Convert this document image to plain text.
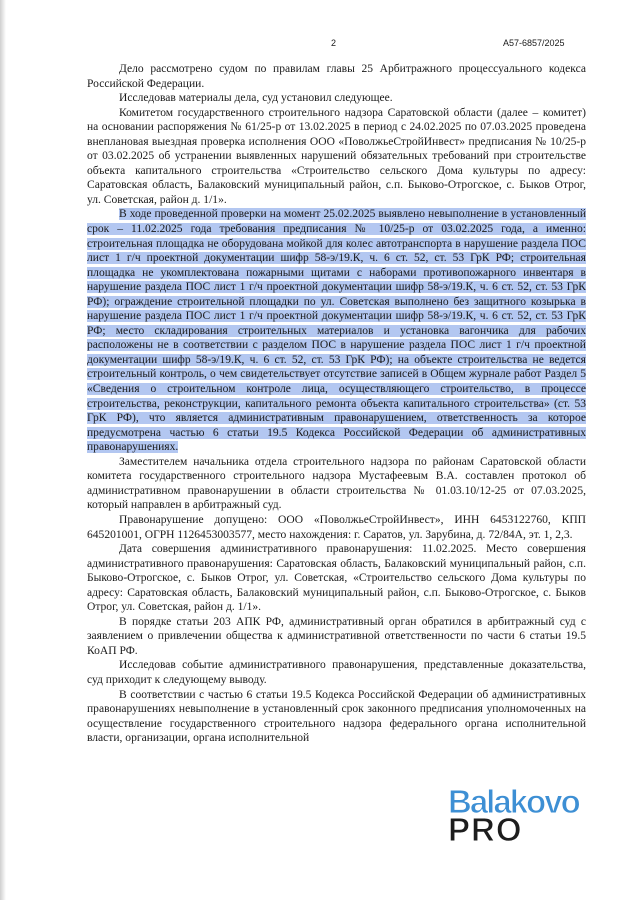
2	А57-6857/2025

Дело рассмотрено судом по правилам главы 25 Арбитражного процессуального кодекса Российской Федерации.

Исследовав материалы дела, суд установил следующее.

Комитетом государственного строительного надзора Саратовской области (далее – комитет) на основании распоряжения № 61/25-р от 13.02.2025 в период с 24.02.2025 по 07.03.2025 проведена внеплановая выездная проверка исполнения ООО «ПоволжьеСтройИнвест» предписания № 10/25-р от 03.02.2025 об устранении выявленных нарушений обязательных требований при строительстве объекта капитального строительства «Строительство сельского Дома культуры по адресу: Саратовская область, Балаковский муниципальный район, с.п. Быково-Отрогское, с. Быков Отрог, ул. Советская, район д. 1/1».

В ходе проведенной проверки на момент 25.02.2025 выявлено невыполнение в установленный срок – 11.02.2025 года требования предписания № 10/25-р от 03.02.2025 года, а именно: строительная площадка не оборудована мойкой для колес автотранспорта в нарушение раздела ПОС лист 1 г/ч проектной документации шифр 58-э/19.К, ч. 6 ст. 52, ст. 53 ГрК РФ; строительная площадка не укомплектована пожарными щитами с наборами противопожарного инвентаря в нарушение раздела ПОС лист 1 г/ч проектной документации шифр 58-э/19.К, ч. 6 ст. 52, ст. 53 ГрК РФ); ограждение строительной площадки по ул. Советская выполнено без защитного козырька в нарушение раздела ПОС лист 1 г/ч проектной документации шифр 58-э/19.К, ч. 6 ст. 52, ст. 53 ГрК РФ; место складирования строительных материалов и установка вагончика для рабочих расположены не в соответствии с разделом ПОС в нарушение раздела ПОС лист 1 г/ч проектной документации шифр 58-э/19.К, ч. 6 ст. 52, ст. 53 ГрК РФ); на объекте строительства не ведется строительный контроль, о чем свидетельствует отсутствие записей в Общем журнале работ Раздел 5 «Сведения о строительном контроле лица, осуществляющего строительство, в процессе строительства, реконструкции, капитального ремонта объекта капитального строительства» (ст. 53 ГрК РФ), что является административным правонарушением, ответственность за которое предусмотрена частью 6 статьи 19.5 Кодекса Российской Федерации об административных правонарушениях.

Заместителем начальника отдела строительного надзора по районам Саратовской области комитета государственного строительного надзора Мустафеевым В.А. составлен протокол об административном правонарушении в области строительства № 01.03.10/12-25 от 07.03.2025, который направлен в арбитражный суд.

Правонарушение допущено: ООО «ПоволжьеСтройИнвест», ИНН 6453122760, КПП 645201001, ОГРН 1126453003577, место нахождения: г. Саратов, ул. Зарубина, д. 72/84А, эт. 1, 2,3.

Дата совершения административного правонарушения: 11.02.2025. Место совершения административного правонарушения: Саратовская область, Балаковский муниципальный район, с.п. Быково-Отрогское, с. Быков Отрог, ул. Советская, «Строительство сельского Дома культуры по адресу: Саратовская область, Балаковский муниципальный район, с.п. Быково-Отрогское, с. Быков Отрог, ул. Советская, район д. 1/1».

В порядке статьи 203 АПК РФ, административный орган обратился в арбитражный суд с заявлением о привлечении общества к административной ответственности по части 6 статьи 19.5 КоАП РФ.

Исследовав событие административного правонарушения, представленные доказательства, суд приходит к следующему выводу.

В соответствии с частью 6 статьи 19.5 Кодекса Российской Федерации об административных правонарушениях невыполнение в установленный срок законного предписания уполномоченных на осуществление государственного строительного надзора федерального органа исполнительной власти, организации, органа исполнительной

Balakovo
PRO
